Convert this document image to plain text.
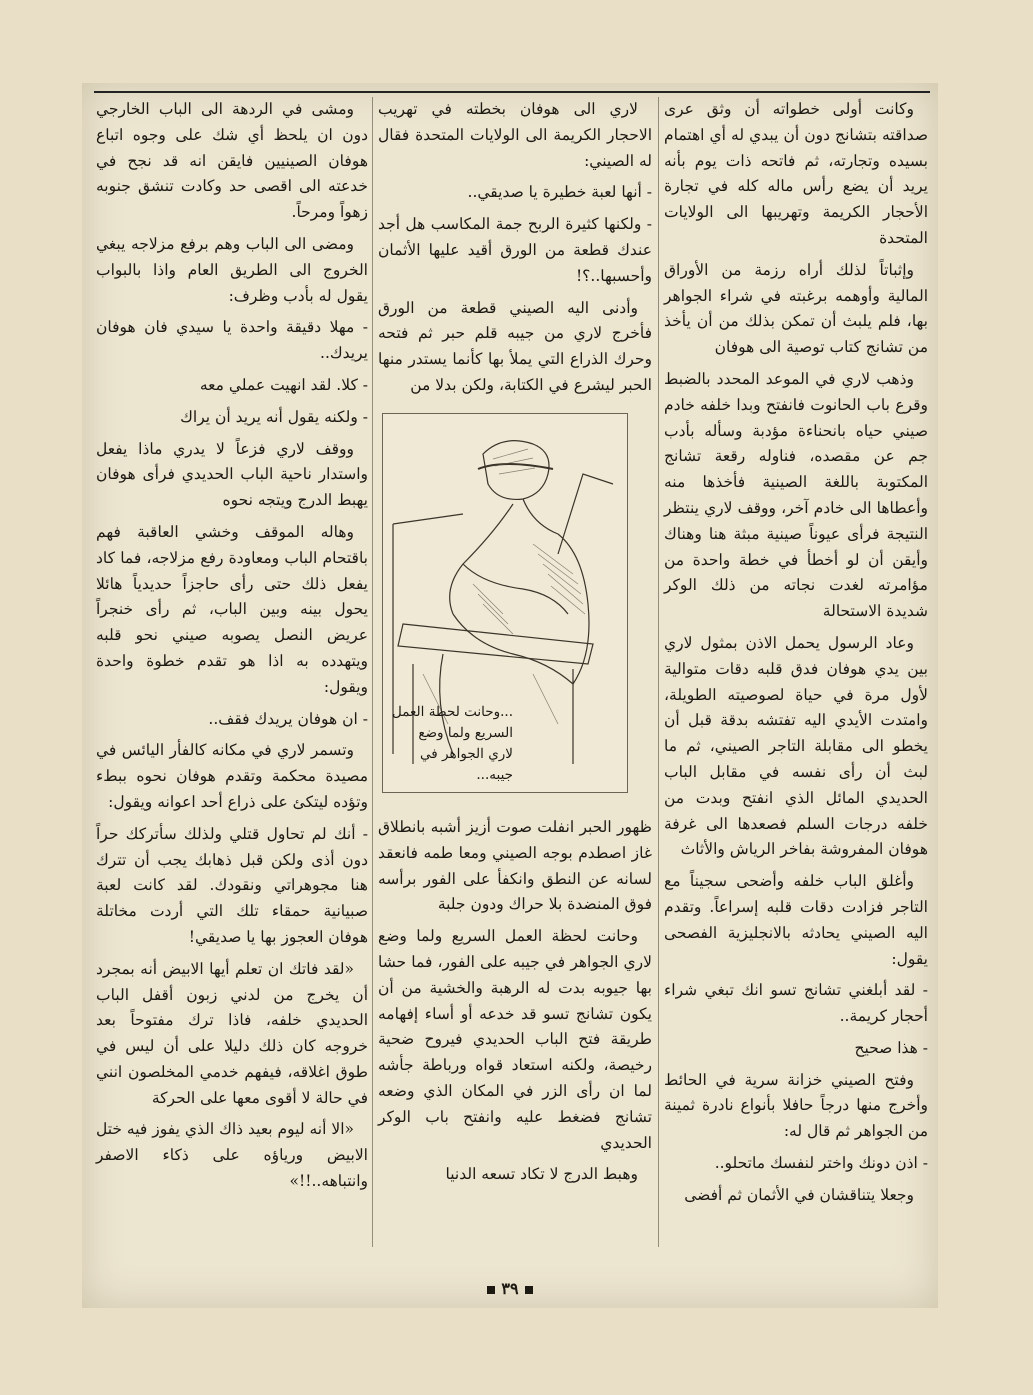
وكانت أولى خطواته أن وثق عرى صداقته بتشانج دون أن يبدي له أي اهتمام بسيده وتجارته، ثم فاتحه ذات يوم بأنه يريد أن يضع رأس ماله كله في تجارة الأحجار الكريمة وتهريبها الى الولايات المتحدة

وإثباتاً لذلك أراه رزمة من الأوراق المالية وأوهمه برغبته في شراء الجواهر بها، فلم يلبث أن تمكن بذلك من أن يأخذ من تشانج كتاب توصية الى هوفان

وذهب لاري في الموعد المحدد بالضبط وقرع باب الحانوت فانفتح وبدا خلفه خادم صيني حياه بانحناءة مؤدبة وسأله بأدب جم عن مقصده، فناوله رقعة تشانج المكتوبة باللغة الصينية فأخذها منه وأعطاها الى خادم آخر، ووقف لاري ينتظر النتيجة فرأى عيوناً صينية مبثة هنا وهناك وأيقن أن لو أخطأ في خطة واحدة من مؤامرته لغدت نجاته من ذلك الوكر شديدة الاستحالة

وعاد الرسول يحمل الاذن بمثول لاري بين يدي هوفان فدق قلبه دقات متوالية لأول مرة في حياة لصوصيته الطويلة، وامتدت الأيدي اليه تفتشه بدقة قبل أن يخطو الى مقابلة التاجر الصيني، ثم ما لبث أن رأى نفسه في مقابل الباب الحديدي المائل الذي انفتح وبدت من خلفه درجات السلم فصعدها الى غرفة هوفان المفروشة بفاخر الرياش والأثاث

وأغلق الباب خلفه وأضحى سجيناً مع التاجر فزادت دقات قلبه إسراعاً. وتقدم اليه الصيني يحادثه بالانجليزية الفصحى يقول:

- لقد أبلغني تشانج تسو انك تبغي شراء أحجار كريمة..

- هذا صحيح

وفتح الصيني خزانة سرية في الحائط وأخرج منها درجاً حافلا بأنواع نادرة ثمينة من الجواهر ثم قال له:

- اذن دونك واختر لنفسك ماتحلو..

وجعلا يتناقشان في الأثمان ثم أفضى

لاري الى هوفان بخطته في تهريب الاحجار الكريمة الى الولايات المتحدة فقال له الصيني:

- أنها لعبة خطيرة يا صديقي..

- ولكنها كثيرة الربح جمة المكاسب هل أجد عندك قطعة من الورق أقيد عليها الأثمان وأحسبها..؟!

وأدنى اليه الصيني قطعة من الورق فأخرج لاري من جيبه قلم حبر ثم فتحه وحرك الذراع التي يملأ بها كأنما يستدر منها الحبر ليشرع في الكتابة، ولكن بدلا من

...وحانت لحظة العمل السريع ولما وضع لاري الجواهر في جيبه...

ظهور الحبر انفلت صوت أزيز أشبه بانطلاق غاز اصطدم بوجه الصيني ومعا طمه فانعقد لسانه عن النطق وانكفأ على الفور برأسه فوق المنضدة بلا حراك ودون جلبة

وحانت لحظة العمل السريع ولما وضع لاري الجواهر في جيبه على الفور، فما حشا بها جيوبه بدت له الرهبة والخشية من أن يكون تشانج تسو قد خدعه أو أساء إفهامه طريقة فتح الباب الحديدي فيروح ضحية رخيصة، ولكنه استعاد قواه ورباطة جأشه لما ان رأى الزر في المكان الذي وضعه تشانج فضغط عليه وانفتح باب الوكر الحديدي

وهبط الدرج لا تكاد تسعه الدنيا

ومشى في الردهة الى الباب الخارجي دون ان يلحظ أي شك على وجوه اتباع هوفان الصينيين فايقن انه قد نجح في خدعته الى اقصى حد وكادت تنشق جنوبه زهواً ومرحاً.

ومضى الى الباب وهم برفع مزلاجه يبغي الخروج الى الطريق العام واذا بالبواب يقول له بأدب وظرف:

- مهلا دقيقة واحدة يا سيدي فان هوفان يريدك..

- كلا. لقد انهيت عملي معه

- ولكنه يقول أنه يريد أن يراك

ووقف لاري فزعاً لا يدري ماذا يفعل واستدار ناحية الباب الحديدي فرأى هوفان يهبط الدرج ويتجه نحوه

وهاله الموقف وخشي العاقبة فهم باقتحام الباب ومعاودة رفع مزلاجه، فما كاد يفعل ذلك حتى رأى حاجزاً حديدياً هائلا يحول بينه وبين الباب، ثم رأى خنجراً عريض النصل يصوبه صيني نحو قلبه ويتهدده به اذا هو تقدم خطوة واحدة ويقول:

- ان هوفان يريدك فقف..

وتسمر لاري في مكانه كالفأر اليائس في مصيدة محكمة وتقدم هوفان نحوه ببطء وتؤده ليتكئ على ذراع أحد اعوانه ويقول:

- أنك لم تحاول قتلي ولذلك سأتركك حراً دون أذى ولكن قبل ذهابك يجب أن تترك هنا مجوهراتي ونقودك. لقد كانت لعبة صبيانية حمقاء تلك التي أردت مخاتلة هوفان العجوز بها يا صديقي!

«لقد فاتك ان تعلم أيها الابيض أنه بمجرد أن يخرج من لدني زبون أقفل الباب الحديدي خلفه، فاذا ترك مفتوحاً بعد خروجه كان ذلك دليلا على أن ليس في طوق اغلاقه، فيفهم خدمي المخلصون انني في حالة لا أقوى معها على الحركة

«الا أنه ليوم بعيد ذاك الذي يفوز فيه ختل الابيض ورياؤه على ذكاء الاصفر وانتباهه..!!»

٣٩
